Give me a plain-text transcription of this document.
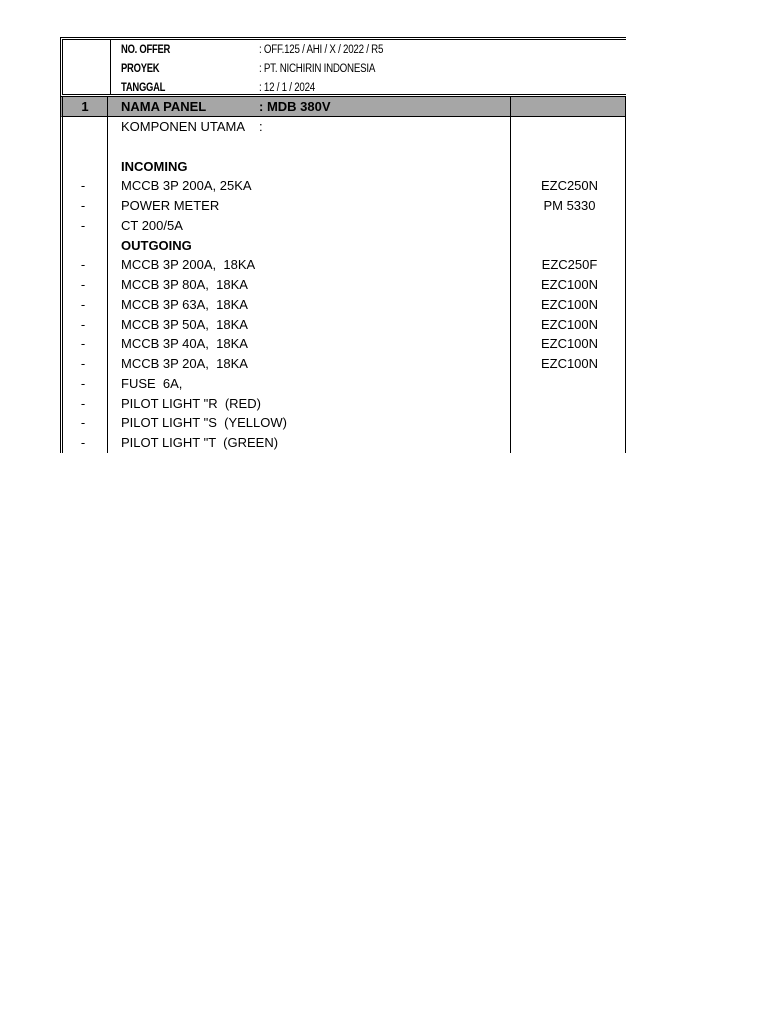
NO. OFFER	: OFF.125 / AHI / X / 2022 / R5
PROYEK	: PT. NICHIRIN INDONESIA
TANGGAL	: 12 / 1 / 2024
1	NAMA PANEL	: MDB 380V
KOMPONEN UTAMA :
INCOMING
-	MCCB 3P 200A, 25KA	EZC250N
-	POWER METER	PM 5330
-	CT 200/5A
OUTGOING
-	MCCB 3P 200A,  18KA	EZC250F
-	MCCB 3P 80A,  18KA	EZC100N
-	MCCB 3P 63A,  18KA	EZC100N
-	MCCB 3P 50A,  18KA	EZC100N
-	MCCB 3P 40A,  18KA	EZC100N
-	MCCB 3P 20A,  18KA	EZC100N
-	FUSE  6A,
-	PILOT LIGHT "R  (RED)
-	PILOT LIGHT "S  (YELLOW)
-	PILOT LIGHT "T  (GREEN)
